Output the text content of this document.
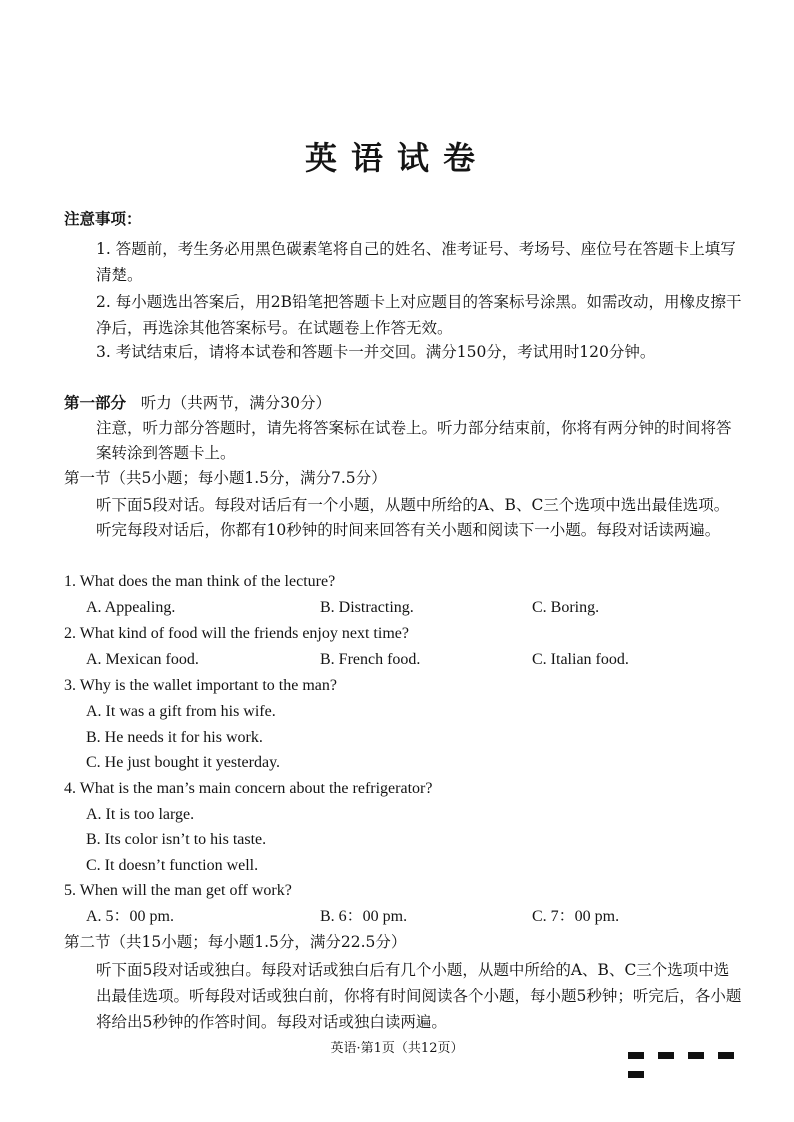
英语试卷
注意事项：
1. 答题前，考生务必用黑色碳素笔将自己的姓名、准考证号、考场号、座位号在答题卡上填写清楚。
2. 每小题选出答案后，用2B铅笔把答题卡上对应题目的答案标号涂黑。如需改动，用橡皮擦干净后，再选涂其他答案标号。在试题卷上作答无效。
3. 考试结束后，请将本试卷和答题卡一并交回。满分150分，考试用时120分钟。
第一部分 听力（共两节，满分30分）
注意，听力部分答题时，请先将答案标在试卷上。听力部分结束前，你将有两分钟的时间将答案转涂到答题卡上。
第一节（共5小题；每小题1.5分，满分7.5分）
听下面5段对话。每段对话后有一个小题，从题中所给的A、B、C三个选项中选出最佳选项。听完每段对话后，你都有10秒钟的时间来回答有关小题和阅读下一小题。每段对话读两遍。
1. What does the man think of the lecture?
A. Appealing.	B. Distracting.	C. Boring.
2. What kind of food will the friends enjoy next time?
A. Mexican food.	B. French food.	C. Italian food.
3. Why is the wallet important to the man?
A. It was a gift from his wife.
B. He needs it for his work.
C. He just bought it yesterday.
4. What is the man’s main concern about the refrigerator?
A. It is too large.
B. Its color isn’t to his taste.
C. It doesn’t function well.
5. When will the man get off work?
A. 5：00 pm.	B. 6：00 pm.	C. 7：00 pm.
第二节（共15小题；每小题1.5分，满分22.5分）
听下面5段对话或独白。每段对话或独白后有几个小题，从题中所给的A、B、C三个选项中选出最佳选项。听每段对话或独白前，你将有时间阅读各个小题，每小题5秒钟；听完后，各小题将给出5秒钟的作答时间。每段对话或独白读两遍。
英语·第1页（共12页）
